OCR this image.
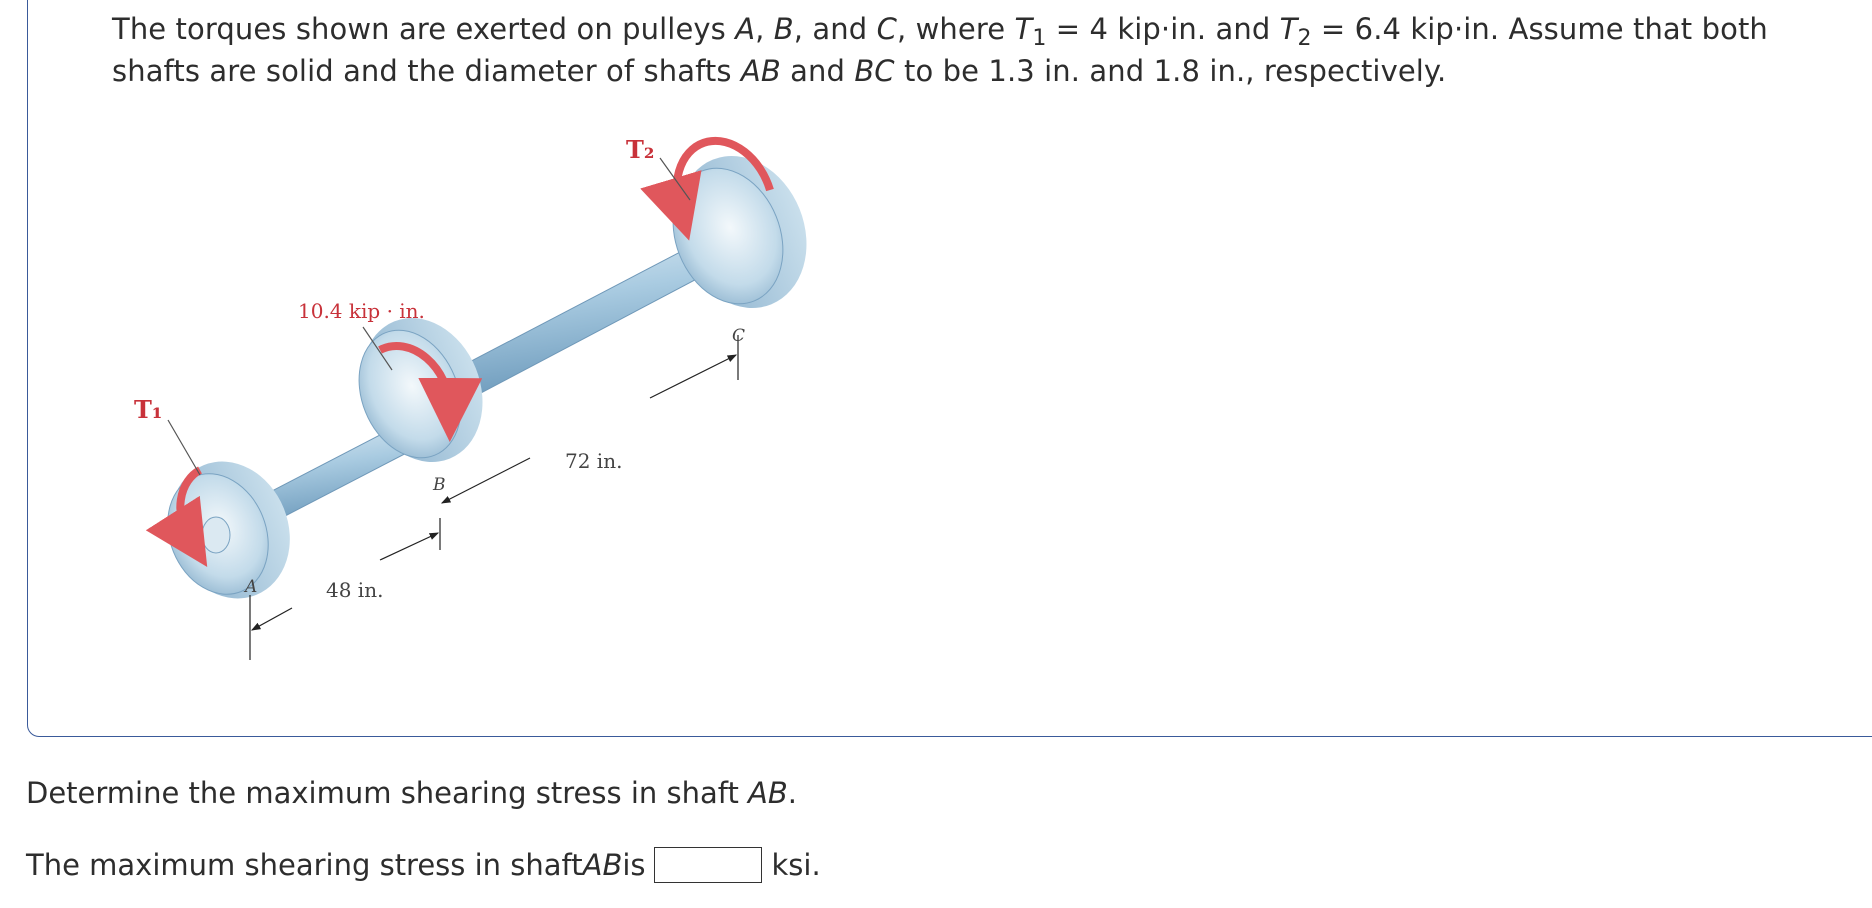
The torques shown are exerted on pulleys A, B, and C, where $T_1 = 4$ kip·in. and $T_2 = 6.4$ kip·in. Assume that both shafts are solid and the diameter of shafts AB and BC to be 1.3 in. and 1.8 in., respectively.
T₁
T₂
10.4 kip · in.
A
B
C
48 in.
72 in.
Determine the maximum shearing stress in shaft AB.
The maximum shearing stress in shaft AB is	ksi.
